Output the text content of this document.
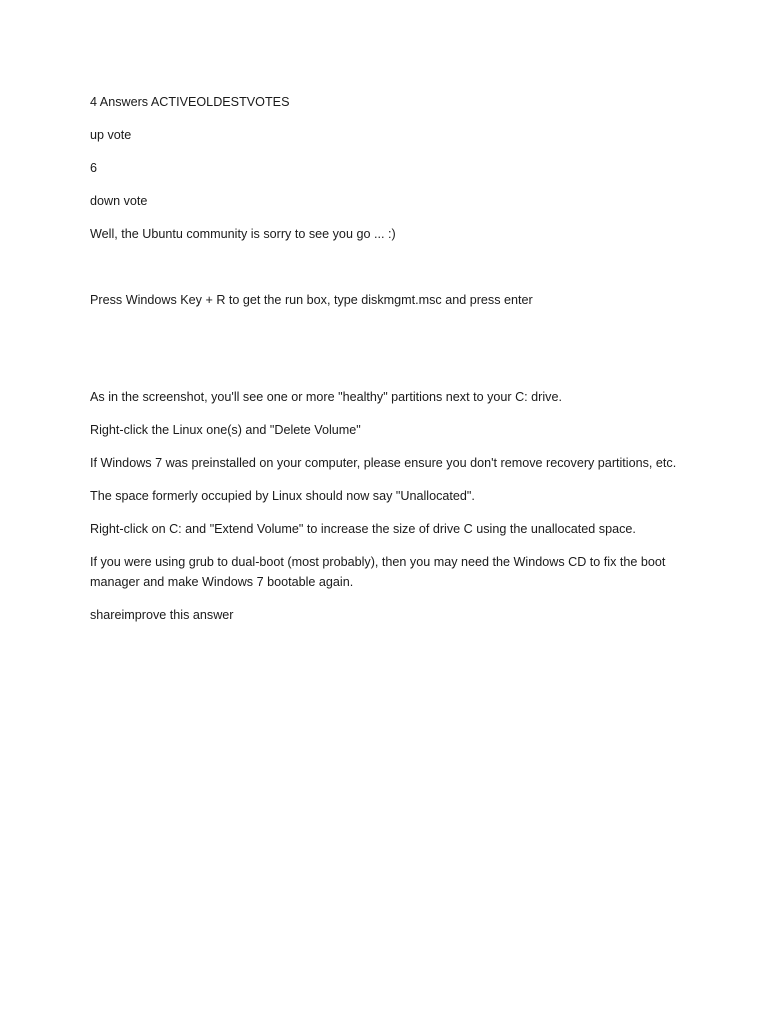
4 Answers ACTIVEOLDESTVOTES

up vote

6

down vote

Well, the Ubuntu community is sorry to see you go ... :)

Press Windows Key + R to get the run box, type diskmgmt.msc and press enter

As in the screenshot, you'll see one or more "healthy" partitions next to your C: drive.

Right-click the Linux one(s) and "Delete Volume"

If Windows 7 was preinstalled on your computer, please ensure you don't remove recovery partitions, etc.

The space formerly occupied by Linux should now say "Unallocated".

Right-click on C: and "Extend Volume" to increase the size of drive C using the unallocated space.

If you were using grub to dual-boot (most probably), then you may need the Windows CD to fix the boot manager and make Windows 7 bootable again.

shareimprove this answer
